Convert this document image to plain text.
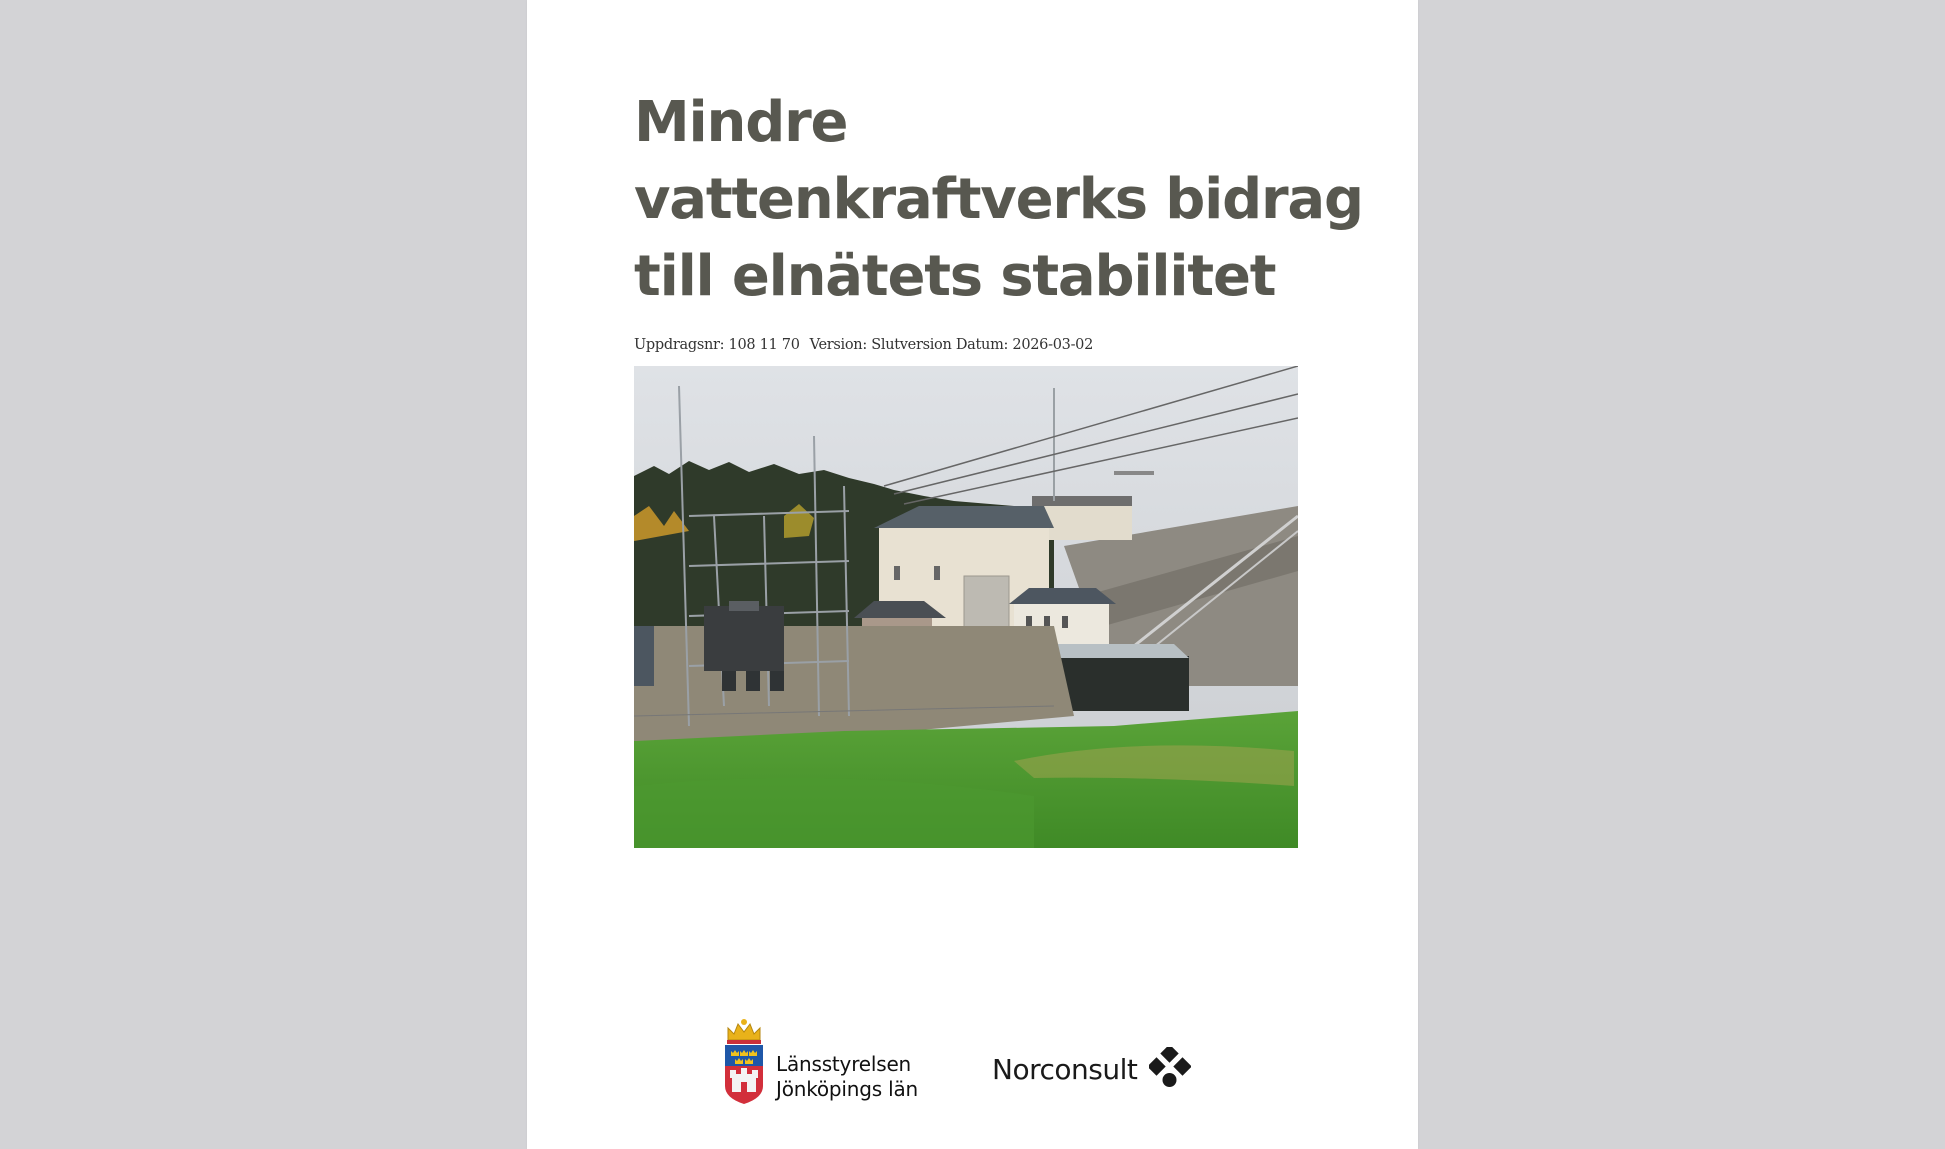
Mindre
vattenkraftverks bidrag
till elnätets stabilitet
Uppdragsnr: 108 11 70 Version: Slutversion Datum: 2026-03-02
Länsstyrelsen
Jönköpings län
Norconsult
